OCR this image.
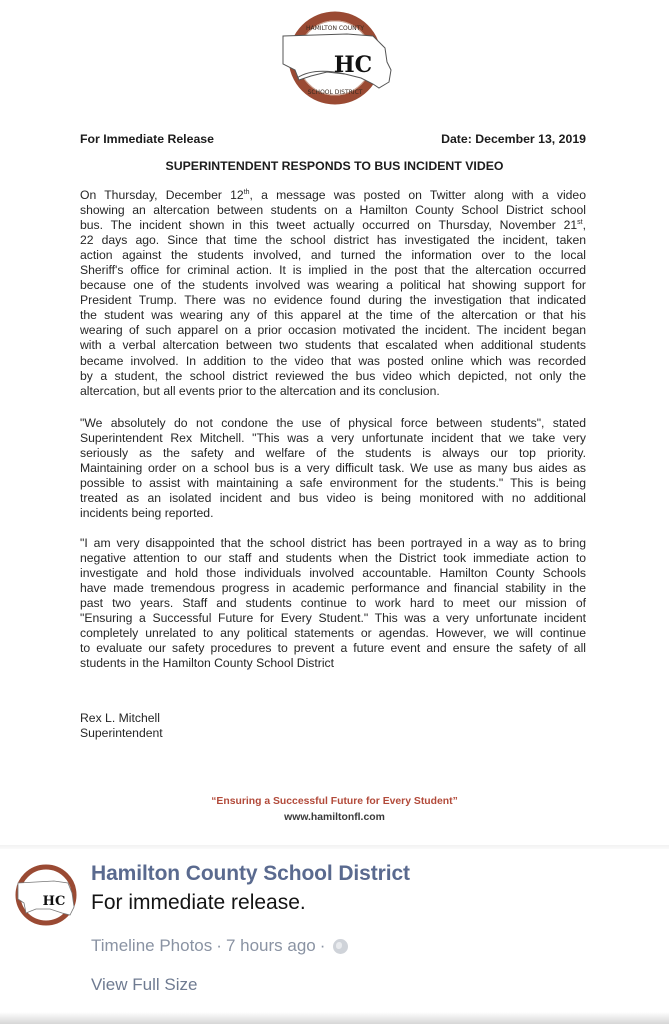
HAMILTON COUNTY
SCHOOL DISTRICT
HC
For Immediate Release	Date: December 13, 2019
SUPERINTENDENT RESPONDS TO BUS INCIDENT VIDEO
On Thursday, December 12th, a message was posted on Twitter along with a video
showing an altercation between students on a Hamilton County School District school
bus. The incident shown in this tweet actually occurred on Thursday, November 21st,
22 days ago. Since that time the school district has investigated the incident, taken
action against the students involved, and turned the information over to the local
Sheriff's office for criminal action. It is implied in the post that the altercation occurred
because one of the students involved was wearing a political hat showing support for
President Trump. There was no evidence found during the investigation that indicated
the student was wearing any of this apparel at the time of the altercation or that his
wearing of such apparel on a prior occasion motivated the incident. The incident began
with a verbal altercation between two students that escalated when additional students
became involved. In addition to the video that was posted online which was recorded
by a student, the school district reviewed the bus video which depicted, not only the
altercation, but all events prior to the altercation and its conclusion.
"We absolutely do not condone the use of physical force between students", stated
Superintendent Rex Mitchell. "This was a very unfortunate incident that we take very
seriously as the safety and welfare of the students is always our top priority.
Maintaining order on a school bus is a very difficult task. We use as many bus aides as
possible to assist with maintaining a safe environment for the students." This is being
treated as an isolated incident and bus video is being monitored with no additional
incidents being reported.
"I am very disappointed that the school district has been portrayed in a way as to bring
negative attention to our staff and students when the District took immediate action to
investigate and hold those individuals involved accountable. Hamilton County Schools
have made tremendous progress in academic performance and financial stability in the
past two years. Staff and students continue to work hard to meet our mission of
"Ensuring a Successful Future for Every Student." This was a very unfortunate incident
completely unrelated to any political statements or agendas. However, we will continue
to evaluate our safety procedures to prevent a future event and ensure the safety of all
students in the Hamilton County School District
Rex L. Mitchell
Superintendent
“Ensuring a Successful Future for Every Student”
www.hamiltonfl.com
HC
Hamilton County School District
For immediate release.
Timeline Photos · 7 hours ago ·
View Full Size
